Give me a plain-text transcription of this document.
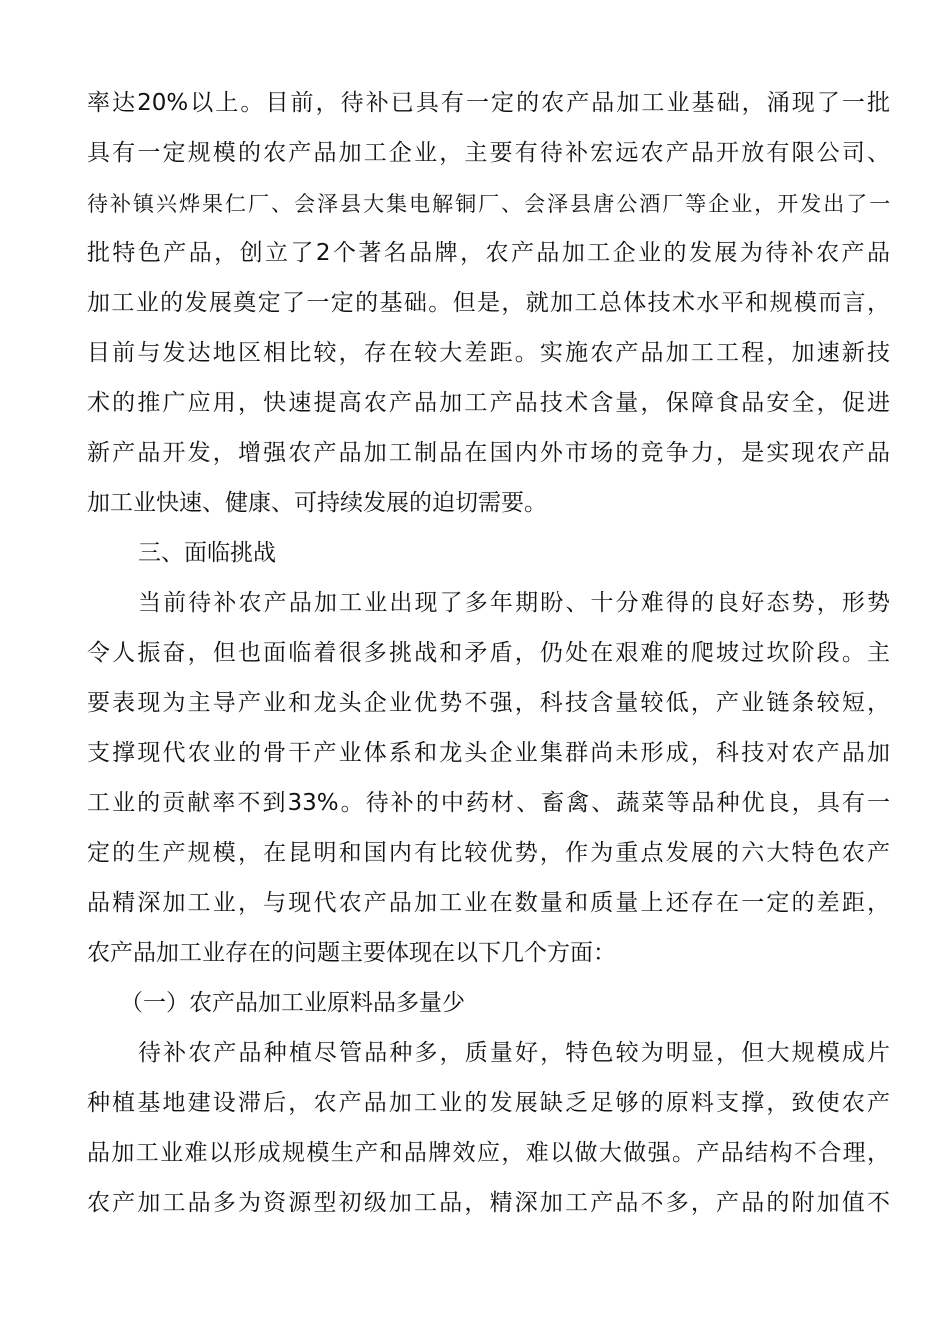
率达20%以上。目前，待补已具有一定的农产品加工业基础，涌现了一批
具有一定规模的农产品加工企业，主要有待补宏远农产品开放有限公司、
待补镇兴烨果仁厂、会泽县大集电解铜厂、会泽县唐公酒厂等企业，开发出了一
批特色产品，创立了2个著名品牌，农产品加工企业的发展为待补农产品
加工业的发展奠定了一定的基础。但是，就加工总体技术水平和规模而言，
目前与发达地区相比较，存在较大差距。实施农产品加工工程，加速新技
术的推广应用，快速提高农产品加工产品技术含量，保障食品安全，促进
新产品开发，增强农产品加工制品在国内外市场的竞争力，是实现农产品
加工业快速、健康、可持续发展的迫切需要。
三、面临挑战
当前待补农产品加工业出现了多年期盼、十分难得的良好态势，形势
令人振奋，但也面临着很多挑战和矛盾，仍处在艰难的爬坡过坎阶段。主
要表现为主导产业和龙头企业优势不强，科技含量较低，产业链条较短，
支撑现代农业的骨干产业体系和龙头企业集群尚未形成，科技对农产品加
工业的贡献率不到33%。待补的中药材、畜禽、蔬菜等品种优良，具有一
定的生产规模，在昆明和国内有比较优势，作为重点发展的六大特色农产
品精深加工业，与现代农产品加工业在数量和质量上还存在一定的差距，
农产品加工业存在的问题主要体现在以下几个方面：
（一）农产品加工业原料品多量少
待补农产品种植尽管品种多，质量好，特色较为明显，但大规模成片
种植基地建设滞后，农产品加工业的发展缺乏足够的原料支撑，致使农产
品加工业难以形成规模生产和品牌效应，难以做大做强。产品结构不合理，
农产加工品多为资源型初级加工品，精深加工产品不多，产品的附加值不
